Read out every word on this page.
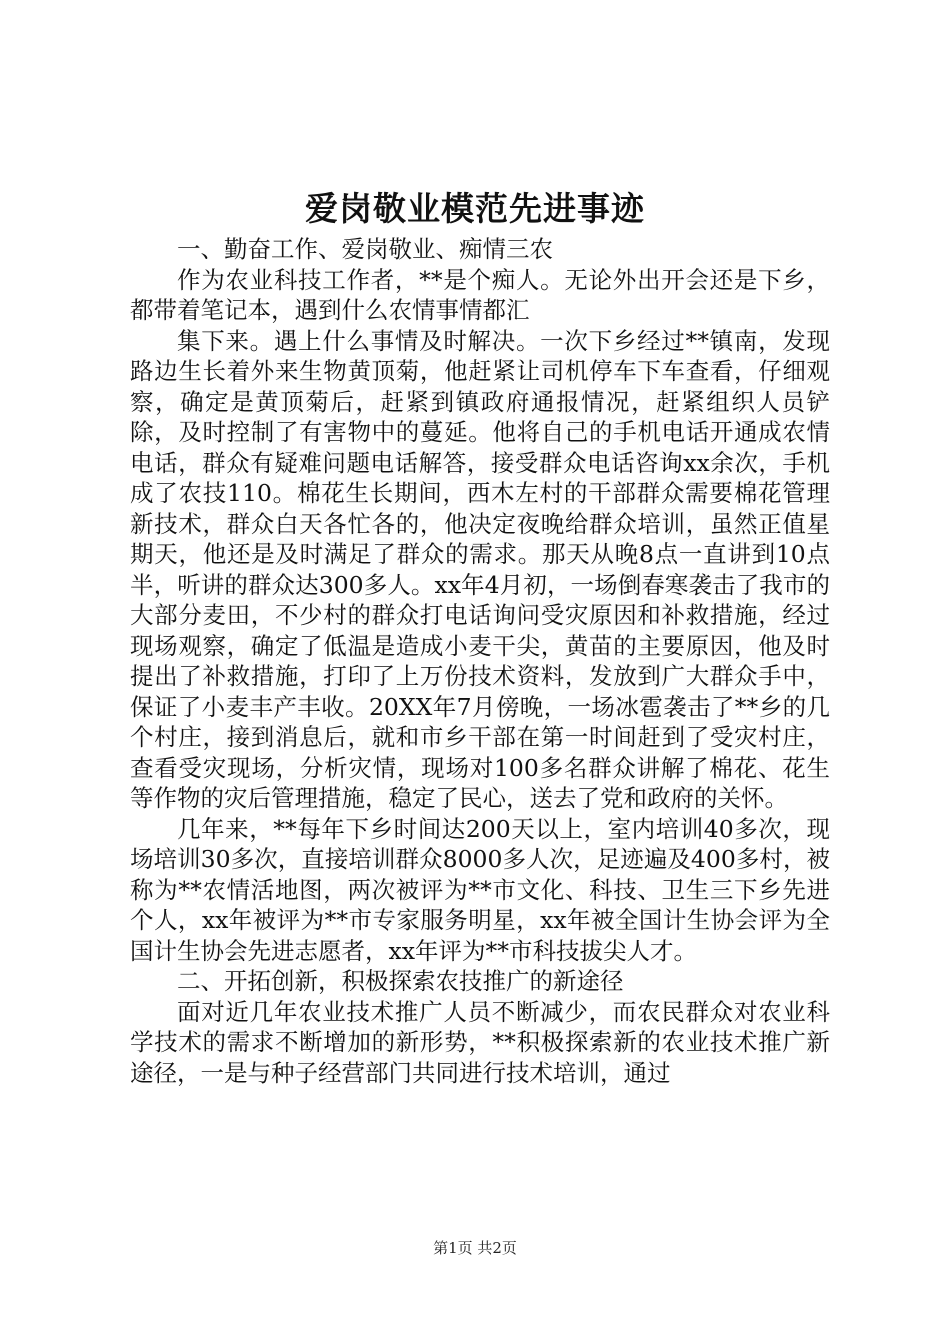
爱岗敬业模范先进事迹

一、勤奋工作、爱岗敬业、痴情三农

作为农业科技工作者，**是个痴人。无论外出开会还是下乡，都带着笔记本，遇到什么农情事情都汇

集下来。遇上什么事情及时解决。一次下乡经过**镇南，发现路边生长着外来生物黄顶菊，他赶紧让司机停车下车查看，仔细观察，确定是黄顶菊后，赶紧到镇政府通报情况，赶紧组织人员铲除，及时控制了有害物中的蔓延。他将自己的手机电话开通成农情电话，群众有疑难问题电话解答，接受群众电话咨询xx余次，手机成了农技110。棉花生长期间，西木左村的干部群众需要棉花管理新技术，群众白天各忙各的，他决定夜晚给群众培训，虽然正值星期天，他还是及时满足了群众的需求。那天从晚8点一直讲到10点半，听讲的群众达300多人。xx年4月初，一场倒春寒袭击了我市的大部分麦田，不少村的群众打电话询问受灾原因和补救措施，经过现场观察，确定了低温是造成小麦干尖，黄苗的主要原因，他及时提出了补救措施，打印了上万份技术资料，发放到广大群众手中，保证了小麦丰产丰收。20XX年7月傍晚，一场冰雹袭击了**乡的几个村庄，接到消息后，就和市乡干部在第一时间赶到了受灾村庄，查看受灾现场，分析灾情，现场对100多名群众讲解了棉花、花生等作物的灾后管理措施，稳定了民心，送去了党和政府的关怀。

几年来，**每年下乡时间达200天以上，室内培训40多次，现场培训30多次，直接培训群众8000多人次，足迹遍及400多村，被称为**农情活地图，两次被评为**市文化、科技、卫生三下乡先进个人，xx年被评为**市专家服务明星，xx年被全国计生协会评为全国计生协会先进志愿者，xx年评为**市科技拔尖人才。

二、开拓创新，积极探索农技推广的新途径

面对近几年农业技术推广人员不断减少，而农民群众对农业科学技术的需求不断增加的新形势，**积极探索新的农业技术推广新途径，一是与种子经营部门共同进行技术培训，通过

第1页 共2页
